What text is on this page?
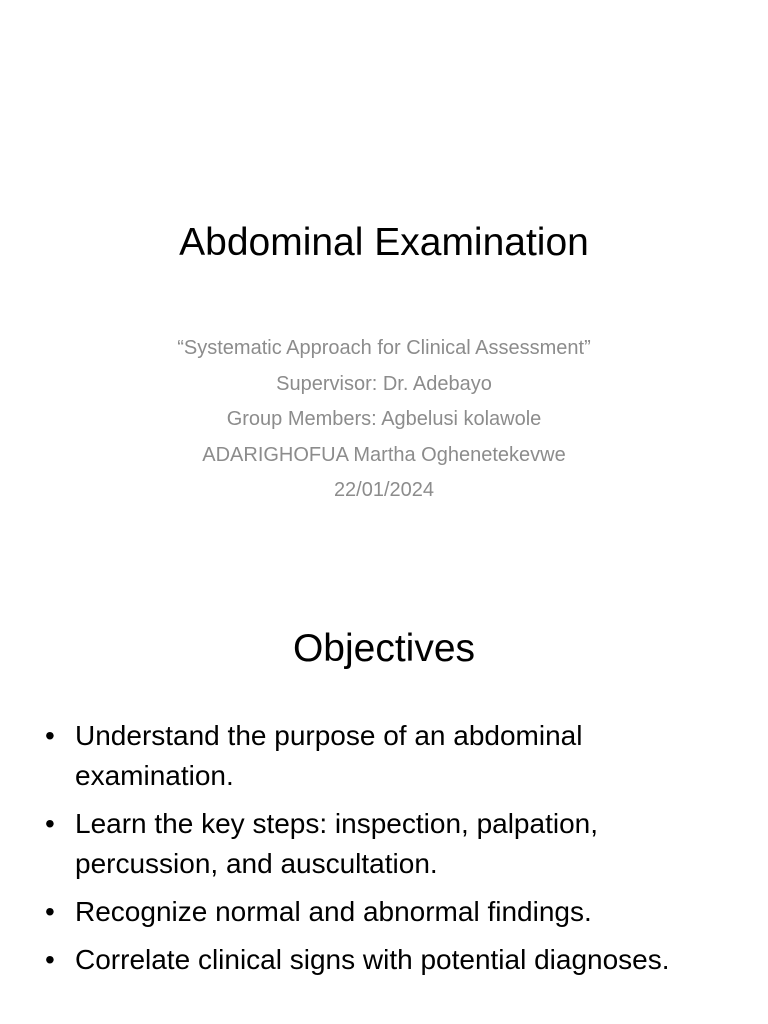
Abdominal Examination
“Systematic Approach for Clinical Assessment”
Supervisor: Dr. Adebayo
Group Members: Agbelusi kolawole
ADARIGHOFUA Martha Oghenetekevwe
22/01/2024
Objectives
• Understand the purpose of an abdominal examination.
• Learn the key steps: inspection, palpation, percussion, and auscultation.
• Recognize normal and abnormal findings.
• Correlate clinical signs with potential diagnoses.
